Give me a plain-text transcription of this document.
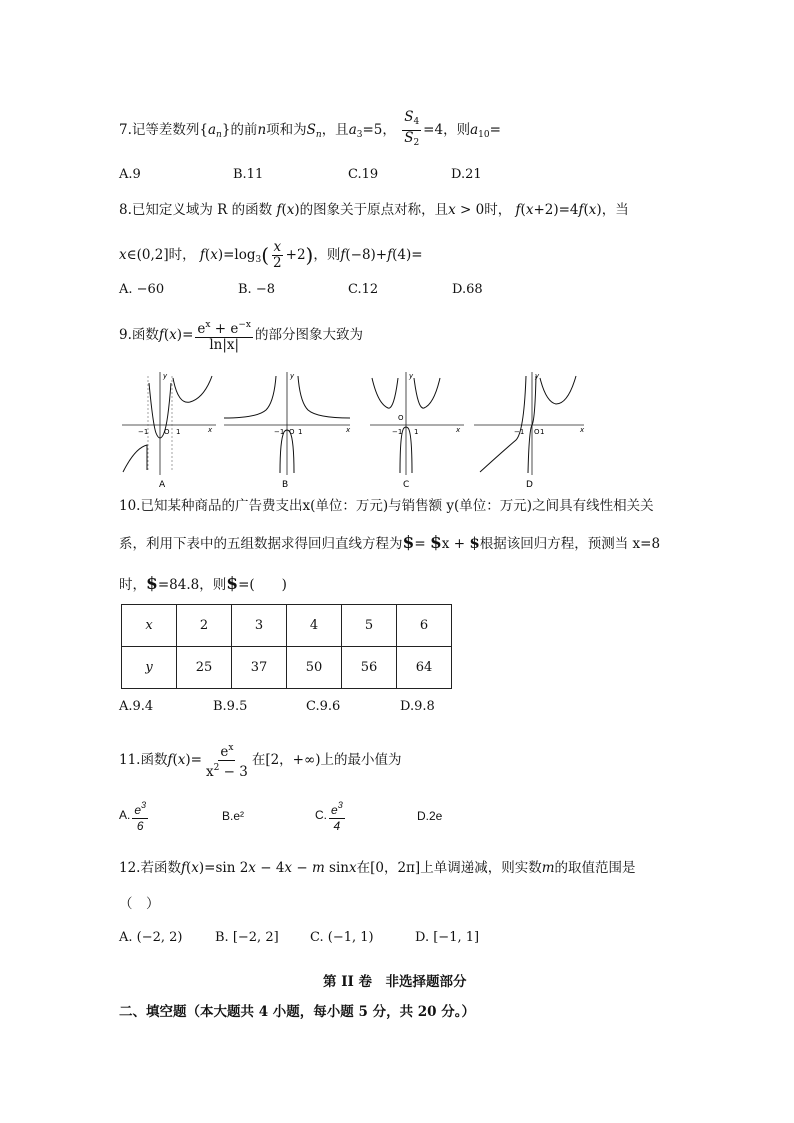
7.记等差数列$\{a_n\}$的前n项和为$S_n$，且$a_3=5$， $\frac{S_4}{S_2} =4$，则$a_{10}=$
A.9	B.11	C.19	D.21
8.已知定义域为 R 的函数 f(x)的图象关于原点对称，且x > 0时， f(x+2)=4f(x)，当
x∈(0,2]时， $f(x)=\log_3( \frac{x}{2} +2)$，则f(−8)+f(4)=
A. −60	B. −8	C.12	D.68
9.函数$f(x)= \frac{e^x + e^{-x}}{\ln|x|}$ 的部分图象大致为
−1 O 1	x
y
A
−1 O 1	x
y
B
−1
O
1	x
y
C
−1 O 1	x
y
D
10.已知某种商品的广告费支出x(单位：万元)与销售额 y(单位：万元)之间具有线性相关关
系，利用下表中的五组数据求得回归直线方程为$= $x + $根据该回归方程，预测当 x=8
时，$=84.8，则$=(　　)
x	2	3	4	5	6
y	25	37	50	56	64
A.9.4	B.9.5	C.9.6	D.9.8
11.函数$f(x)= \frac{e^x}{x^2 - 3}$ 在[2，+∞)上的最小值为
A. $\frac{e^3}{6}$	B.e²	C. $\frac{e^3}{4}$	D.2e
12.若函数f(x)=sin 2x − 4x − m sinx在[0，2π]上单调递减，则实数m的取值范围是
（　）
A. (−2, 2)	B. [−2, 2] C. (−1, 1)	D. [−1, 1]
第 II 卷　非选择题部分
二、填空题（本大题共 4 小题，每小题 5 分，共 20 分。）
